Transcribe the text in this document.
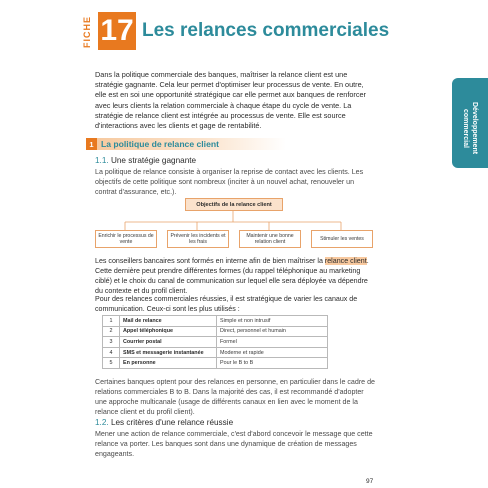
FICHE 17 Les relances commerciales
Développement commercial

Dans la politique commerciale des banques, maîtriser la relance client est une stratégie gagnante. Cela leur permet d'optimiser leur processus de vente. En outre, elle est en soi une opportunité stratégique car elle permet aux banques de renforcer avec leurs clients la relation commerciale à chaque étape du cycle de vente. La stratégie de relance client est intégrée au processus de vente. Elle est source d'interactions avec les clients et gage de rentabilité.

1 La politique de relance client

1.1. Une stratégie gagnante

La politique de relance consiste à organiser la reprise de contact avec les clients. Les objectifs de cette politique sont nombreux (inciter à un nouvel achat, renouveler un contrat d'assurance, etc.).

Objectifs de la relance client
Enrichir le processus de vente
Prévenir les incidents et les frais
Maintenir une bonne relation client
Stimuler les ventes

Les conseillers bancaires sont formés en interne afin de bien maîtriser la relance client. Cette dernière peut prendre différentes formes (du rappel téléphonique au marketing ciblé) et le choix du canal de communication sur lequel elle sera déployée va dépendre du contexte et du profil client.

Pour des relances commerciales réussies, il est stratégique de varier les canaux de communication. Ceux-ci sont les plus utilisés :

1	Mail de relance	Simple et non intrusif
2	Appel téléphonique	Direct, personnel et humain
3	Courrier postal	Formel
4	SMS et messagerie instantanée	Moderne et rapide
5	En personne	Pour le B to B

Certaines banques optent pour des relances en personne, en particulier dans le cadre de relations commerciales B to B. Dans la majorité des cas, il est recommandé d'adopter une approche multicanale (usage de différents canaux en lien avec le moment de la relance client et du profil client).

1.2. Les critères d'une relance réussie

Mener une action de relance commerciale, c'est d'abord concevoir le message que cette relance va porter. Les banques sont dans une dynamique de création de messages engageants.

97
